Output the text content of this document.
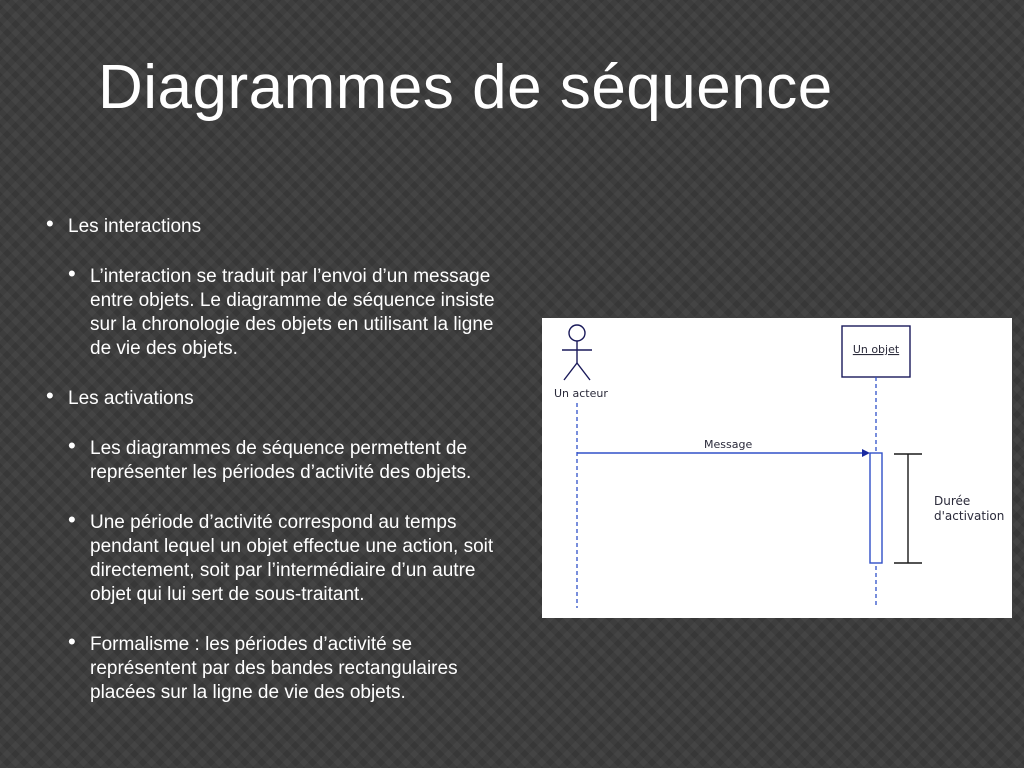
Diagrammes de séquence
• Les interactions
• L’interaction se traduit par l’envoi d’un message entre objets. Le diagramme de séquence insiste sur la chronologie des objets en utilisant la ligne de vie des objets.
• Les activations
• Les diagrammes de séquence permettent de représenter les périodes d’activité des objets.
• Une période d’activité correspond au temps pendant lequel un objet effectue une action, soit directement, soit par l’intermédiaire d’un autre objet qui lui sert de sous-traitant.
• Formalisme : les périodes d’activité se représentent par des bandes rectangulaires placées sur la ligne de vie des objets.
Un acteur
Un objet
Message
Durée
d'activation
